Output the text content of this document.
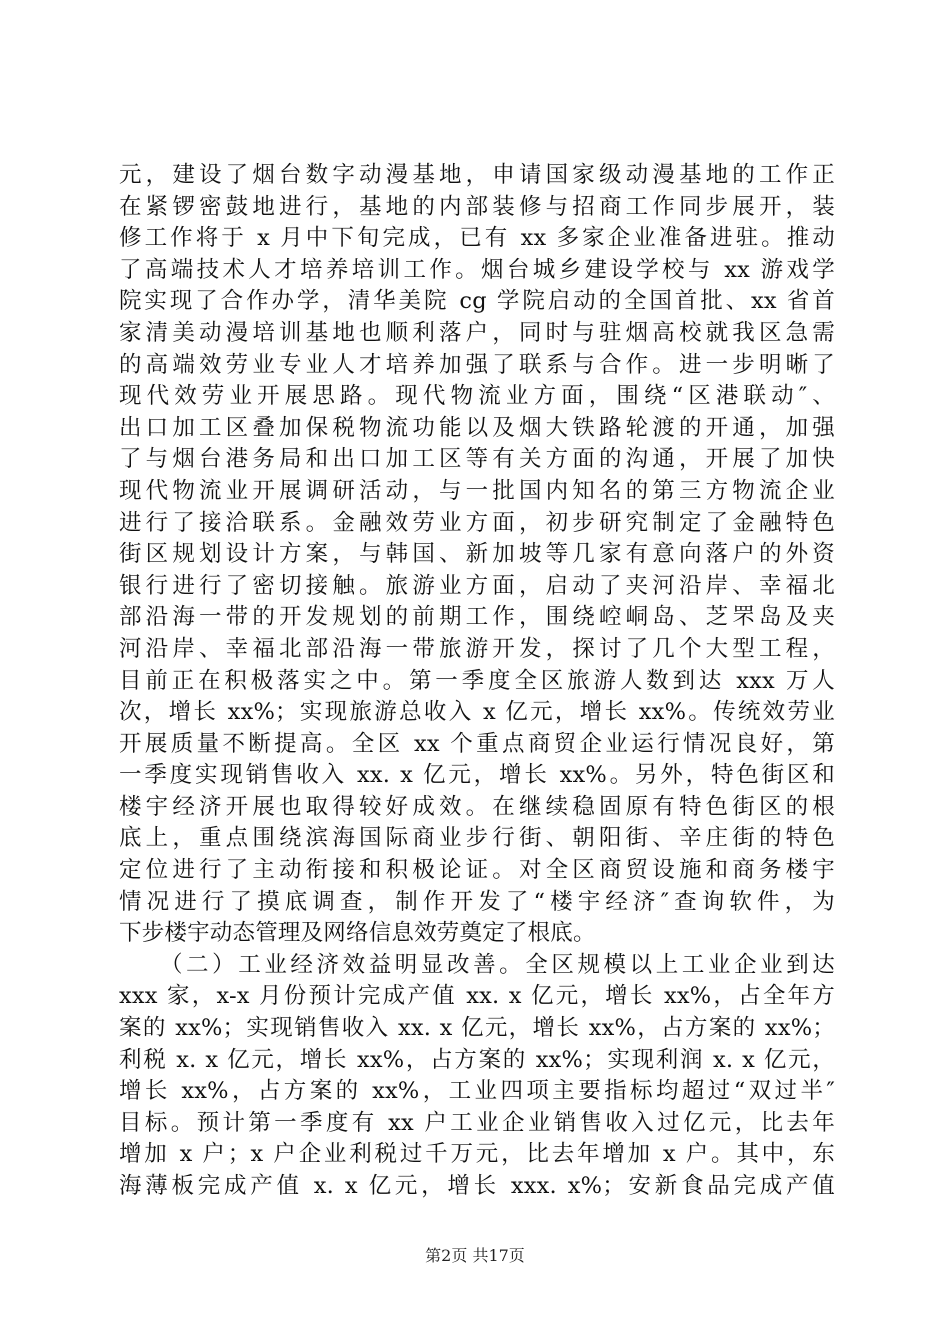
元，建设了烟台数字动漫基地，申请国家级动漫基地的工作正
在紧锣密鼓地进行，基地的内部装修与招商工作同步展开，装
修工作将于 x 月中下旬完成，已有 xx 多家企业准备进驻。推动
了高端技术人才培养培训工作。烟台城乡建设学校与 xx 游戏学
院实现了合作办学，清华美院 cg 学院启动的全国首批、xx 省首
家清美动漫培训基地也顺利落户，同时与驻烟高校就我区急需
的高端效劳业专业人才培养加强了联系与合作。进一步明晰了
现代效劳业开展思路。现代物流业方面，围绕“区港联动″、
出口加工区叠加保税物流功能以及烟大铁路轮渡的开通，加强
了与烟台港务局和出口加工区等有关方面的沟通，开展了加快
现代物流业开展调研活动，与一批国内知名的第三方物流企业
进行了接洽联系。金融效劳业方面，初步研究制定了金融特色
街区规划设计方案，与韩国、新加坡等几家有意向落户的外资
银行进行了密切接触。旅游业方面，启动了夹河沿岸、幸福北
部沿海一带的开发规划的前期工作，围绕崆峒岛、芝罘岛及夹
河沿岸、幸福北部沿海一带旅游开发，探讨了几个大型工程，
目前正在积极落实之中。第一季度全区旅游人数到达 xxx 万人
次，增长 xx%；实现旅游总收入 x 亿元，增长 xx%。传统效劳业
开展质量不断提高。全区 xx 个重点商贸企业运行情况良好，第
一季度实现销售收入 xx. x 亿元，增长 xx%。另外，特色街区和
楼宇经济开展也取得较好成效。在继续稳固原有特色街区的根
底上，重点围绕滨海国际商业步行街、朝阳街、辛庄街的特色
定位进行了主动衔接和积极论证。对全区商贸设施和商务楼宇
情况进行了摸底调查，制作开发了“楼宇经济″查询软件，为
下步楼宇动态管理及网络信息效劳奠定了根底。
　　（二）工业经济效益明显改善。全区规模以上工业企业到达
xxx 家，x-x 月份预计完成产值 xx. x 亿元，增长 xx%，占全年方
案的 xx%；实现销售收入 xx. x 亿元，增长 xx%，占方案的 xx%；
利税 x. x 亿元，增长 xx%，占方案的 xx%；实现利润 x. x 亿元，
增长 xx%，占方案的 xx%，工业四项主要指标均超过“双过半″
目标。预计第一季度有 xx 户工业企业销售收入过亿元，比去年
增加 x 户；x 户企业利税过千万元，比去年增加 x 户。其中，东
海薄板完成产值 x. x 亿元，增长 xxx. x%；安新食品完成产值
第2页 共17页
